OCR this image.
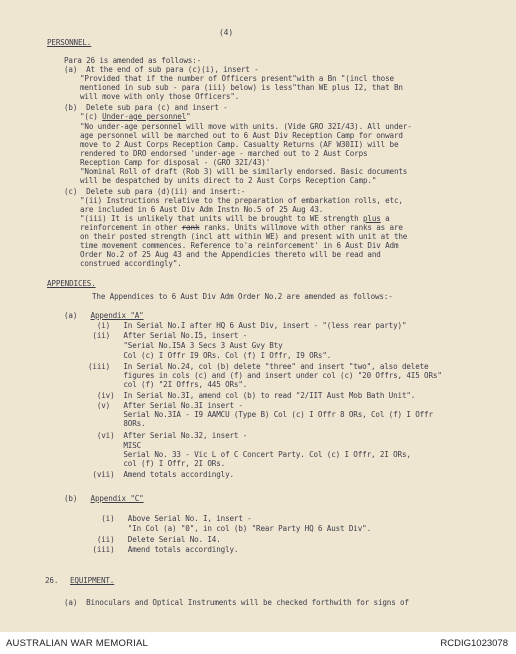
(4)
PERSONNEL.
Para 26 is amended as follows:-
(a)  At the end of sub para (c)(i), insert -
"Provided that if the number of Officers present"with a Bn "(incl those
mentioned in sub sub - para (iii) below) is less"than WE plus I2, that Bn
will move with only those Officers".
(b)  Delete sub para (c) and insert -
"(c) Under-age personnel"
"No under-age personnel will move with units. (Vide GRO 32I/43). All under-
age personnel will be marched out to 6 Aust Div Reception Camp for onward
move to 2 Aust Corps Reception Camp. Casualty Returns (AF W30II) will be
rendered to DRO endorsed 'under-age - marched out to 2 Aust Corps
Reception Camp for disposal - (GRO 32I/43)'
"Nominal Roll of draft (Rob 3) will be similarly endorsed. Basic documents
will be despatched by units direct to 2 Aust Corps Reception Camp."
(c)  Delete sub para (d)(ii) and insert:-
"(ii) Instructions relative to the preparation of embarkation rolls, etc,
are included in 6 Aust Div Adm Instn No.5 of 25 Aug 43.
"(iii) It is unlikely that units will be brought to WE strength plus a
reinforcement in other rank ranks. Units willmove with other ranks as are
on their posted strength (incl att within WE) and present with unit at the
time movement commences. Reference to'a reinforcement' in 6 Aust Div Adm
Order No.2 of 25 Aug 43 and the Appendicies thereto will be read and
construed accordingly".
APPENDICES.
The Appendices to 6 Aust Div Adm Order No.2 are amended as follows:-
(a)   Appendix "A"
(i)   In Serial No.I after HQ 6 Aust Div, insert - "(less rear party)"
(ii)   After Serial No.I5, insert -
"Serial No.I5A 3 Secs 3 Aust Gvy Bty
Col (c) I Offr I9 ORs. Col (f) I Offr, I9 ORs".
(iii)   In Serial No.24, col (b) delete "three" and insert "two", also delete
figures in cols (c) and (f) and insert under col (c) "20 Offrs, 4I5 ORs"
col (f) "2I Offrs, 445 ORs".
(iv)  In Serial No.3I, amend col (b) to read "2/IIT Aust Mob Bath Unit".
(v)   After Serial No.3I insert -
Serial No.3IA - I9 AAMCU (Type B) Col (c) I Offr 8 ORs, Col (f) I Offr
8ORs.
(vi)  After Serial No.32, insert -
MISC
Serial No. 33 - Vic L of C Concert Party. Col (c) I Offr, 2I ORs,
col (f) I Offr, 2I ORs.
(vii)  Amend totals accordingly.
(b)   Appendix "C"
(i)   Above Serial No. I, insert -
"In Col (a) "0", in col (b) "Rear Party HQ 6 Aust Div".
(ii)   Delete Serial No. I4.
(iii)   Amend totals accordingly.
26. EQUIPMENT.
(a)  Binoculars and Optical Instruments will be checked forthwith for signs of
AUSTRALIAN WAR MEMORIAL	RCDIG1023078
